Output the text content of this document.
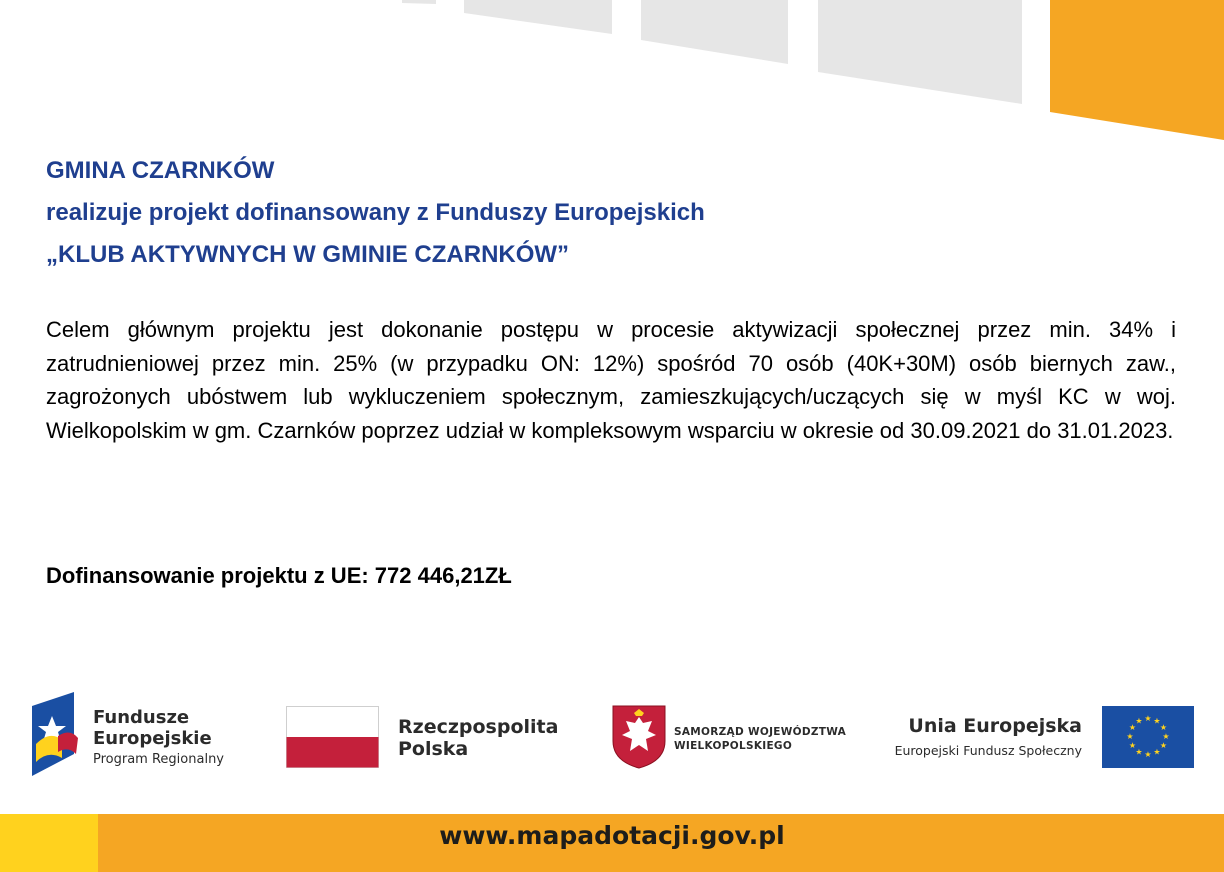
GMINA CZARNKÓW

realizuje projekt dofinansowany z Funduszy Europejskich

„KLUB AKTYWNYCH W GMINIE CZARNKÓW”

Celem głównym projektu jest dokonanie postępu w procesie aktywizacji społecznej przez min. 34% i zatrudnieniowej przez min. 25% (w przypadku ON: 12%) spośród 70 osób (40K+30M) osób biernych zaw., zagrożonych ubóstwem lub wykluczeniem społecznym, zamieszkujących/uczących się w myśl KC w woj. Wielkopolskim w gm. Czarnków poprzez udział w kompleksowym wsparciu w okresie od 30.09.2021 do 31.01.2023.

Dofinansowanie projektu z UE: 772 446,21ZŁ

Fundusze
Europejskie
Program Regionalny
Rzeczpospolita
Polska
SAMORZĄD WOJEWÓDZTWA
WIELKOPOLSKIEGO
Unia Europejska
Europejski Fundusz Społeczny
★ ★
★
★
★
★
★
★
★
★
★
★
www.mapadotacji.gov.pl
